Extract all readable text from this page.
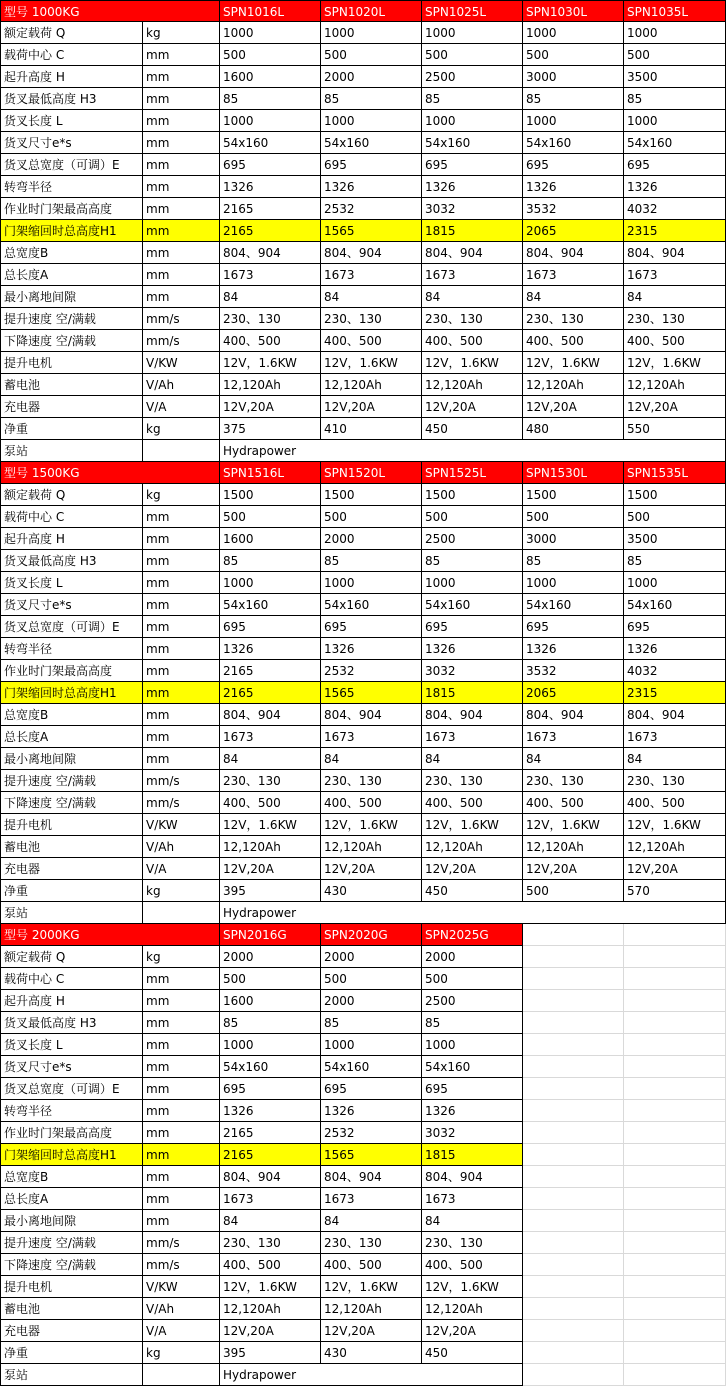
型号 1000KG	SPN1016L	SPN1020L	SPN1025L	SPN1030L	SPN1035L
额定载荷 Q	kg	1000	1000	1000	1000	1000
载荷中心 C	mm	500	500	500	500	500
起升高度 H	mm	1600	2000	2500	3000	3500
货叉最低高度 H3	mm	85	85	85	85	85
货叉长度 L	mm	1000	1000	1000	1000	1000
货叉尺寸e*s	mm	54x160	54x160	54x160	54x160	54x160
货叉总宽度（可调）E	mm	695	695	695	695	695
转弯半径	mm	1326	1326	1326	1326	1326
作业时门架最高高度	mm	2165	2532	3032	3532	4032
门架缩回时总高度H1	mm	2165	1565	1815	2065	2315
总宽度B	mm	804、904	804、904	804、904	804、904	804、904
总长度A	mm	1673	1673	1673	1673	1673
最小离地间隙	mm	84	84	84	84	84
提升速度 空/满载	mm/s	230、130	230、130	230、130	230、130	230、130
下降速度 空/满载	mm/s	400、500	400、500	400、500	400、500	400、500
提升电机	V/KW	12V，1.6KW	12V，1.6KW	12V，1.6KW	12V，1.6KW	12V，1.6KW
蓄电池	V/Ah	12,120Ah	12,120Ah	12,120Ah	12,120Ah	12,120Ah
充电器	V/A	12V,20A	12V,20A	12V,20A	12V,20A	12V,20A
净重	kg	375	410	450	480	550
泵站	Hydrapower
型号 1500KG	SPN1516L	SPN1520L	SPN1525L	SPN1530L	SPN1535L
额定载荷 Q	kg	1500	1500	1500	1500	1500
载荷中心 C	mm	500	500	500	500	500
起升高度 H	mm	1600	2000	2500	3000	3500
货叉最低高度 H3	mm	85	85	85	85	85
货叉长度 L	mm	1000	1000	1000	1000	1000
货叉尺寸e*s	mm	54x160	54x160	54x160	54x160	54x160
货叉总宽度（可调）E	mm	695	695	695	695	695
转弯半径	mm	1326	1326	1326	1326	1326
作业时门架最高高度	mm	2165	2532	3032	3532	4032
门架缩回时总高度H1	mm	2165	1565	1815	2065	2315
总宽度B	mm	804、904	804、904	804、904	804、904	804、904
总长度A	mm	1673	1673	1673	1673	1673
最小离地间隙	mm	84	84	84	84	84
提升速度 空/满载	mm/s	230、130	230、130	230、130	230、130	230、130
下降速度 空/满载	mm/s	400、500	400、500	400、500	400、500	400、500
提升电机	V/KW	12V，1.6KW	12V，1.6KW	12V，1.6KW	12V，1.6KW	12V，1.6KW
蓄电池	V/Ah	12,120Ah	12,120Ah	12,120Ah	12,120Ah	12,120Ah
充电器	V/A	12V,20A	12V,20A	12V,20A	12V,20A	12V,20A
净重	kg	395	430	450	500	570
泵站	Hydrapower
型号 2000KG	SPN2016G	SPN2020G	SPN2025G
额定载荷 Q	kg	2000	2000	2000
载荷中心 C	mm	500	500	500
起升高度 H	mm	1600	2000	2500
货叉最低高度 H3	mm	85	85	85
货叉长度 L	mm	1000	1000	1000
货叉尺寸e*s	mm	54x160	54x160	54x160
货叉总宽度（可调）E	mm	695	695	695
转弯半径	mm	1326	1326	1326
作业时门架最高高度	mm	2165	2532	3032
门架缩回时总高度H1	mm	2165	1565	1815
总宽度B	mm	804、904	804、904	804、904
总长度A	mm	1673	1673	1673
最小离地间隙	mm	84	84	84
提升速度 空/满载	mm/s	230、130	230、130	230、130
下降速度 空/满载	mm/s	400、500	400、500	400、500
提升电机	V/KW	12V，1.6KW	12V，1.6KW	12V，1.6KW
蓄电池	V/Ah	12,120Ah	12,120Ah	12,120Ah
充电器	V/A	12V,20A	12V,20A	12V,20A
净重	kg	395	430	450
泵站	Hydrapower
